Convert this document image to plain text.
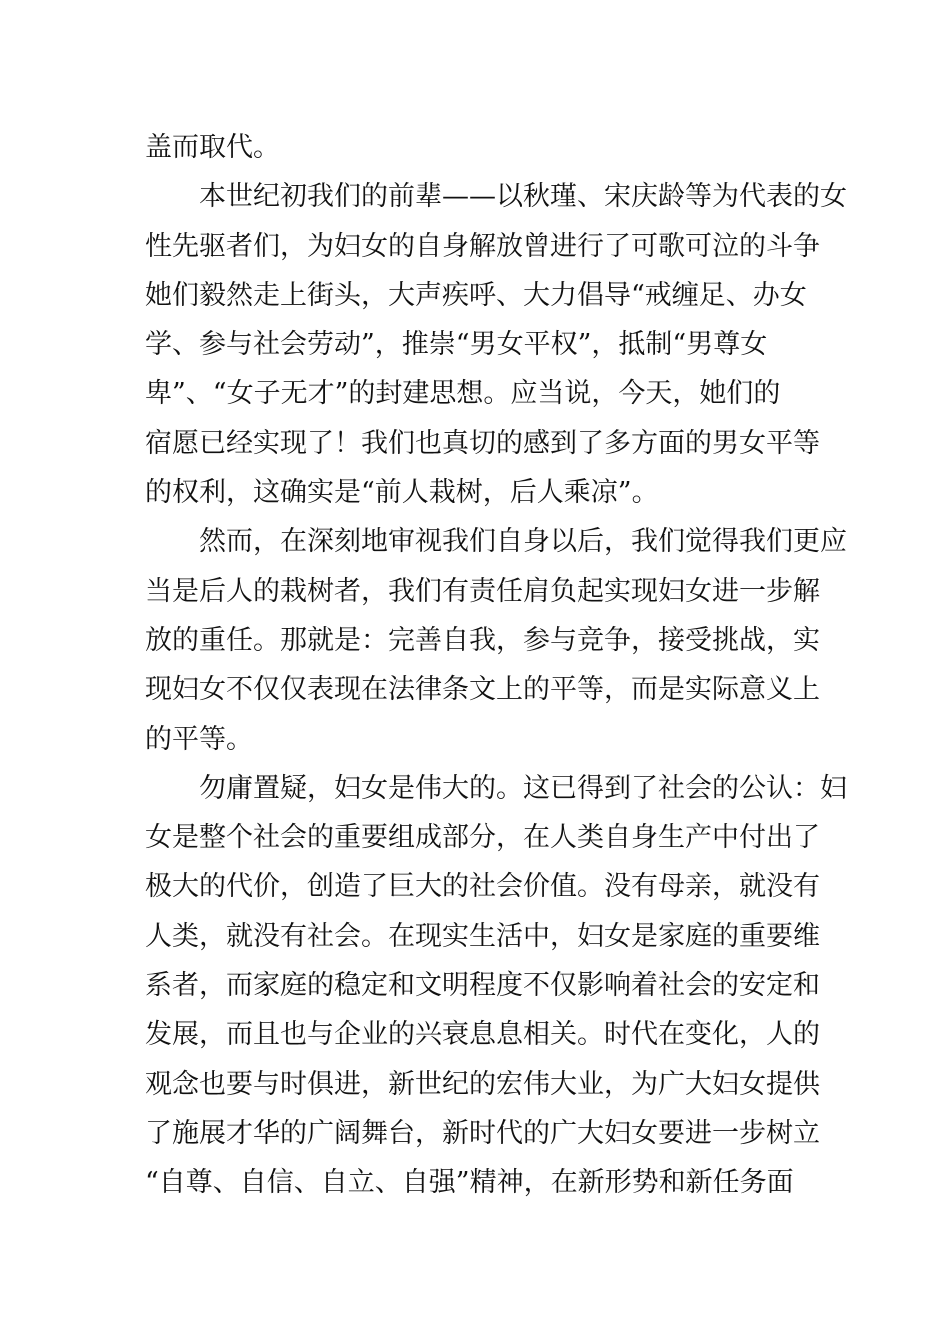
盖而取代。
　　本世纪初我们的前辈——以秋瑾、宋庆龄等为代表的女
性先驱者们，为妇女的自身解放曾进行了可歌可泣的斗争
她们毅然走上街头，大声疾呼、大力倡导“戒缠足、办女
学、参与社会劳动”，推崇“男女平权”，抵制“男尊女
卑”、“女子无才”的封建思想。应当说，今天，她们的
宿愿已经实现了！我们也真切的感到了多方面的男女平等
的权利，这确实是“前人栽树，后人乘凉”。
　　然而，在深刻地审视我们自身以后，我们觉得我们更应
当是后人的栽树者，我们有责任肩负起实现妇女进一步解
放的重任。那就是：完善自我，参与竞争，接受挑战，实
现妇女不仅仅表现在法律条文上的平等，而是实际意义上
的平等。
　　勿庸置疑，妇女是伟大的。这已得到了社会的公认：妇
女是整个社会的重要组成部分，在人类自身生产中付出了
极大的代价，创造了巨大的社会价值。没有母亲，就没有
人类，就没有社会。在现实生活中，妇女是家庭的重要维
系者，而家庭的稳定和文明程度不仅影响着社会的安定和
发展，而且也与企业的兴衰息息相关。时代在变化，人的
观念也要与时俱进，新世纪的宏伟大业，为广大妇女提供
了施展才华的广阔舞台，新时代的广大妇女要进一步树立
“自尊、自信、自立、自强”精神，在新形势和新任务面
